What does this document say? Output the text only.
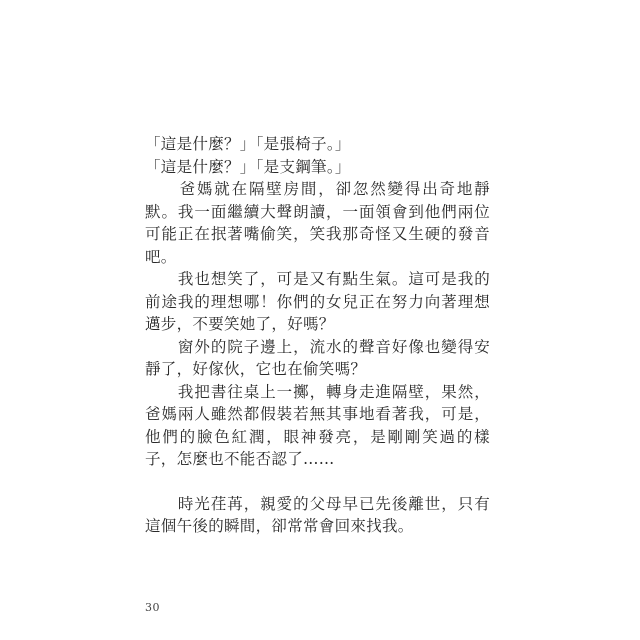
「這是什麼？」「是張椅子。」

「這是什麼？」「是支鋼筆。」

　　爸媽就在隔壁房間，卻忽然變得出奇地靜默。我一面繼續大聲朗讀，一面領會到他們兩位可能正在抿著嘴偷笑，笑我那奇怪又生硬的發音吧。

　　我也想笑了，可是又有點生氣。這可是我的前途我的理想哪！你們的女兒正在努力向著理想邁步，不要笑她了，好嗎？

　　窗外的院子邊上，流水的聲音好像也變得安靜了，好傢伙，它也在偷笑嗎？

　　我把書往桌上一擲，轉身走進隔壁，果然，爸媽兩人雖然都假裝若無其事地看著我，可是，他們的臉色紅潤，眼神發亮，是剛剛笑過的樣子，怎麼也不能否認了……

　　時光荏苒，親愛的父母早已先後離世，只有這個午後的瞬間，卻常常會回來找我。

30
